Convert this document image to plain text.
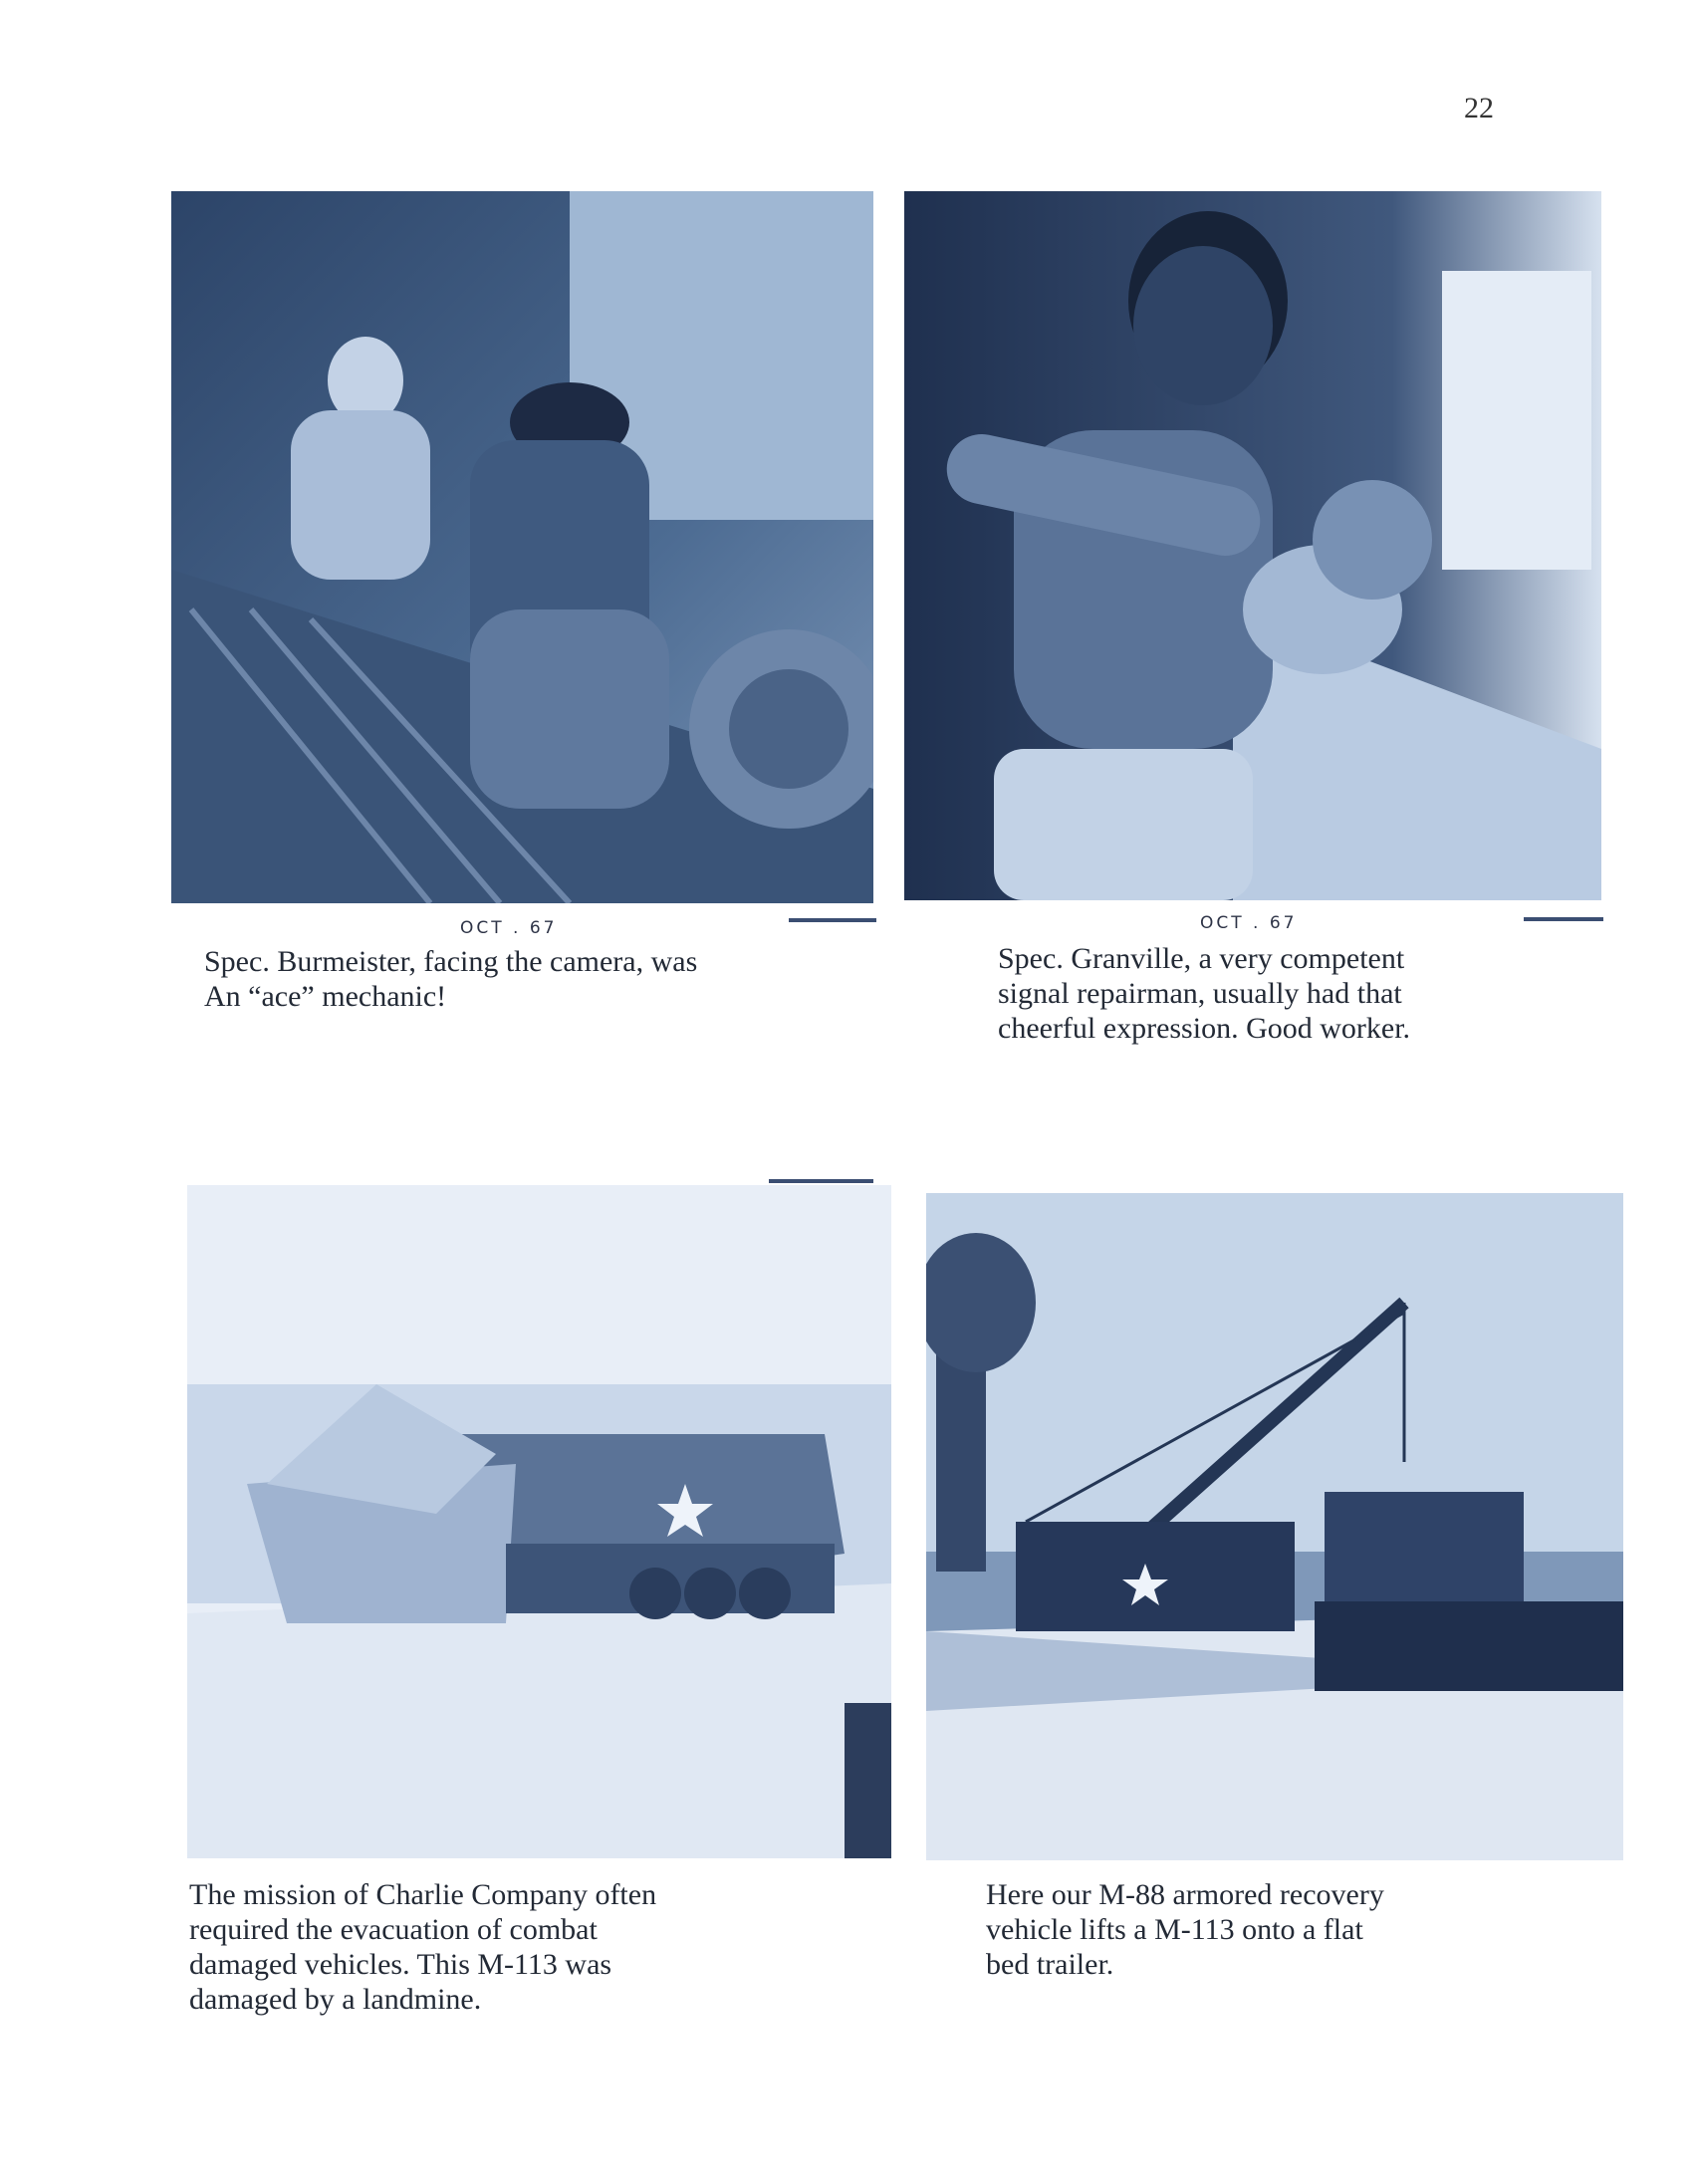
22
OCT . 67	OCT . 67

Spec. Burmeister, facing the camera, was

An “ace” mechanic!

Spec. Granville, a very competent

signal repairman, usually had that

cheerful expression. Good worker.

The mission of Charlie Company often

required the evacuation of combat

damaged vehicles. This M-113 was

damaged by a landmine.

Here our M-88 armored recovery

vehicle lifts a M-113 onto a flat

bed trailer.
